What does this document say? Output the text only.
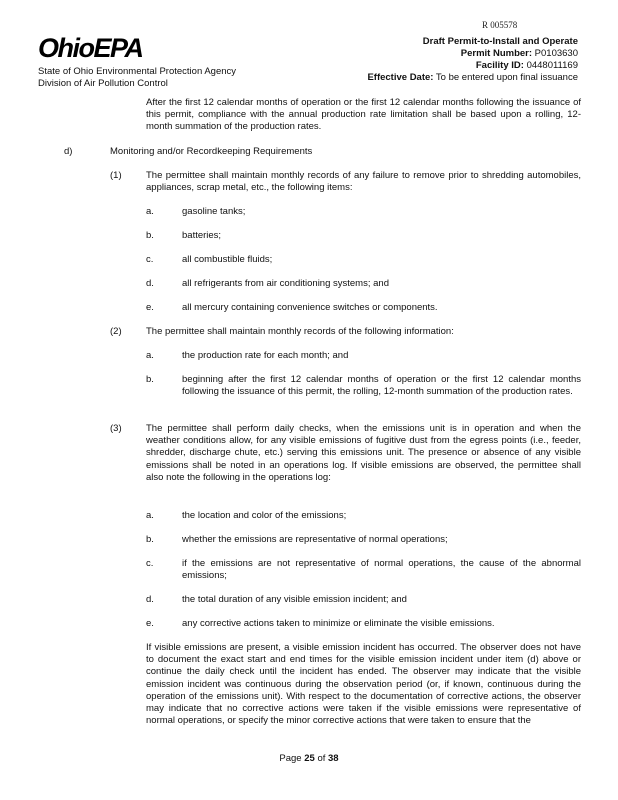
R 005578
OhioEPA
State of Ohio Environmental Protection Agency
Division of Air Pollution Control
Draft Permit-to-Install and Operate
Permit Number: P0103630
Facility ID: 0448011169
Effective Date: To be entered upon final issuance
After the first 12 calendar months of operation or the first 12 calendar months following the issuance of this permit, compliance with the annual production rate limitation shall be based upon a rolling, 12-month summation of the production rates.
d)	Monitoring and/or Recordkeeping Requirements
(1)	The permittee shall maintain monthly records of any failure to remove prior to shredding automobiles, appliances, scrap metal, etc., the following items:
a.	gasoline tanks;
b.	batteries;
c.	all combustible fluids;
d.	all refrigerants from air conditioning systems; and
e.	all mercury containing convenience switches or components.
(2)	The permittee shall maintain monthly records of the following information:
a.	the production rate for each month; and
b.	beginning after the first 12 calendar months of operation or the first 12 calendar months following the issuance of this permit, the rolling, 12-month summation of the production rates.
(3)	The permittee shall perform daily checks, when the emissions unit is in operation and when the weather conditions allow, for any visible emissions of fugitive dust from the egress points (i.e., feeder, shredder, discharge chute, etc.) serving this emissions unit. The presence or absence of any visible emissions shall be noted in an operations log. If visible emissions are observed, the permittee shall also note the following in the operations log:
a.	the location and color of the emissions;
b.	whether the emissions are representative of normal operations;
c.	if the emissions are not representative of normal operations, the cause of the abnormal emissions;
d.	the total duration of any visible emission incident; and
e.	any corrective actions taken to minimize or eliminate the visible emissions.
If visible emissions are present, a visible emission incident has occurred. The observer does not have to document the exact start and end times for the visible emission incident under item (d) above or continue the daily check until the incident has ended. The observer may indicate that the visible emission incident was continuous during the observation period (or, if known, continuous during the operation of the emissions unit). With respect to the documentation of corrective actions, the observer may indicate that no corrective actions were taken if the visible emissions were representative of normal operations, or specify the minor corrective actions that were taken to ensure that the
Page 25 of 38
